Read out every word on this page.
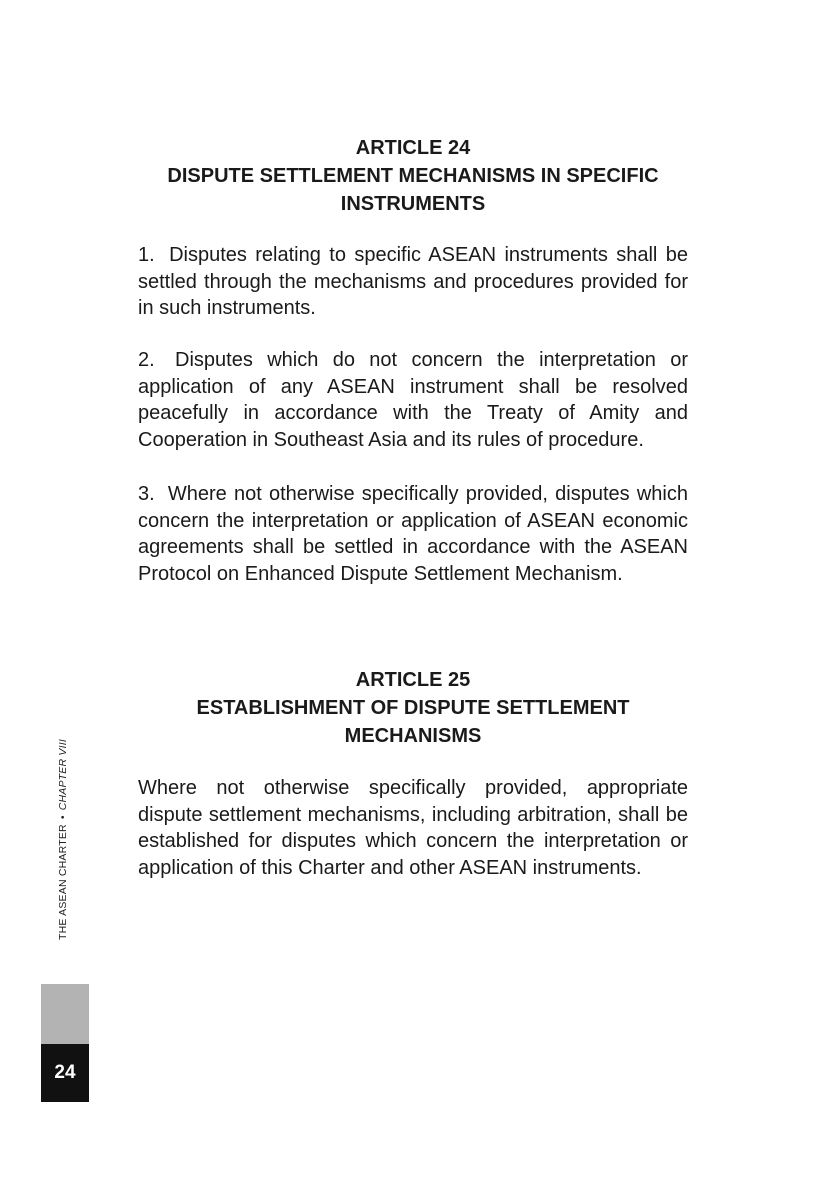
ARTICLE 24
DISPUTE SETTLEMENT MECHANISMS IN SPECIFIC
INSTRUMENTS

1. Disputes relating to specific ASEAN instruments shall be settled through the mechanisms and procedures provided for in such instruments.

2. Disputes which do not concern the interpretation or application of any ASEAN instrument shall be resolved peacefully in accordance with the Treaty of Amity and Cooperation in Southeast Asia and its rules of procedure.

3. Where not otherwise specifically provided, disputes which concern the interpretation or application of ASEAN economic agreements shall be settled in accordance with the ASEAN Protocol on Enhanced Dispute Settlement Mechanism.

ARTICLE 25
ESTABLISHMENT OF DISPUTE SETTLEMENT
MECHANISMS

Where not otherwise specifically provided, appropriate dispute settlement mechanisms, including arbitration, shall be established for disputes which concern the interpretation or application of this Charter and other ASEAN instruments.

THE ASEAN CHARTER•CHAPTER VIII
24
